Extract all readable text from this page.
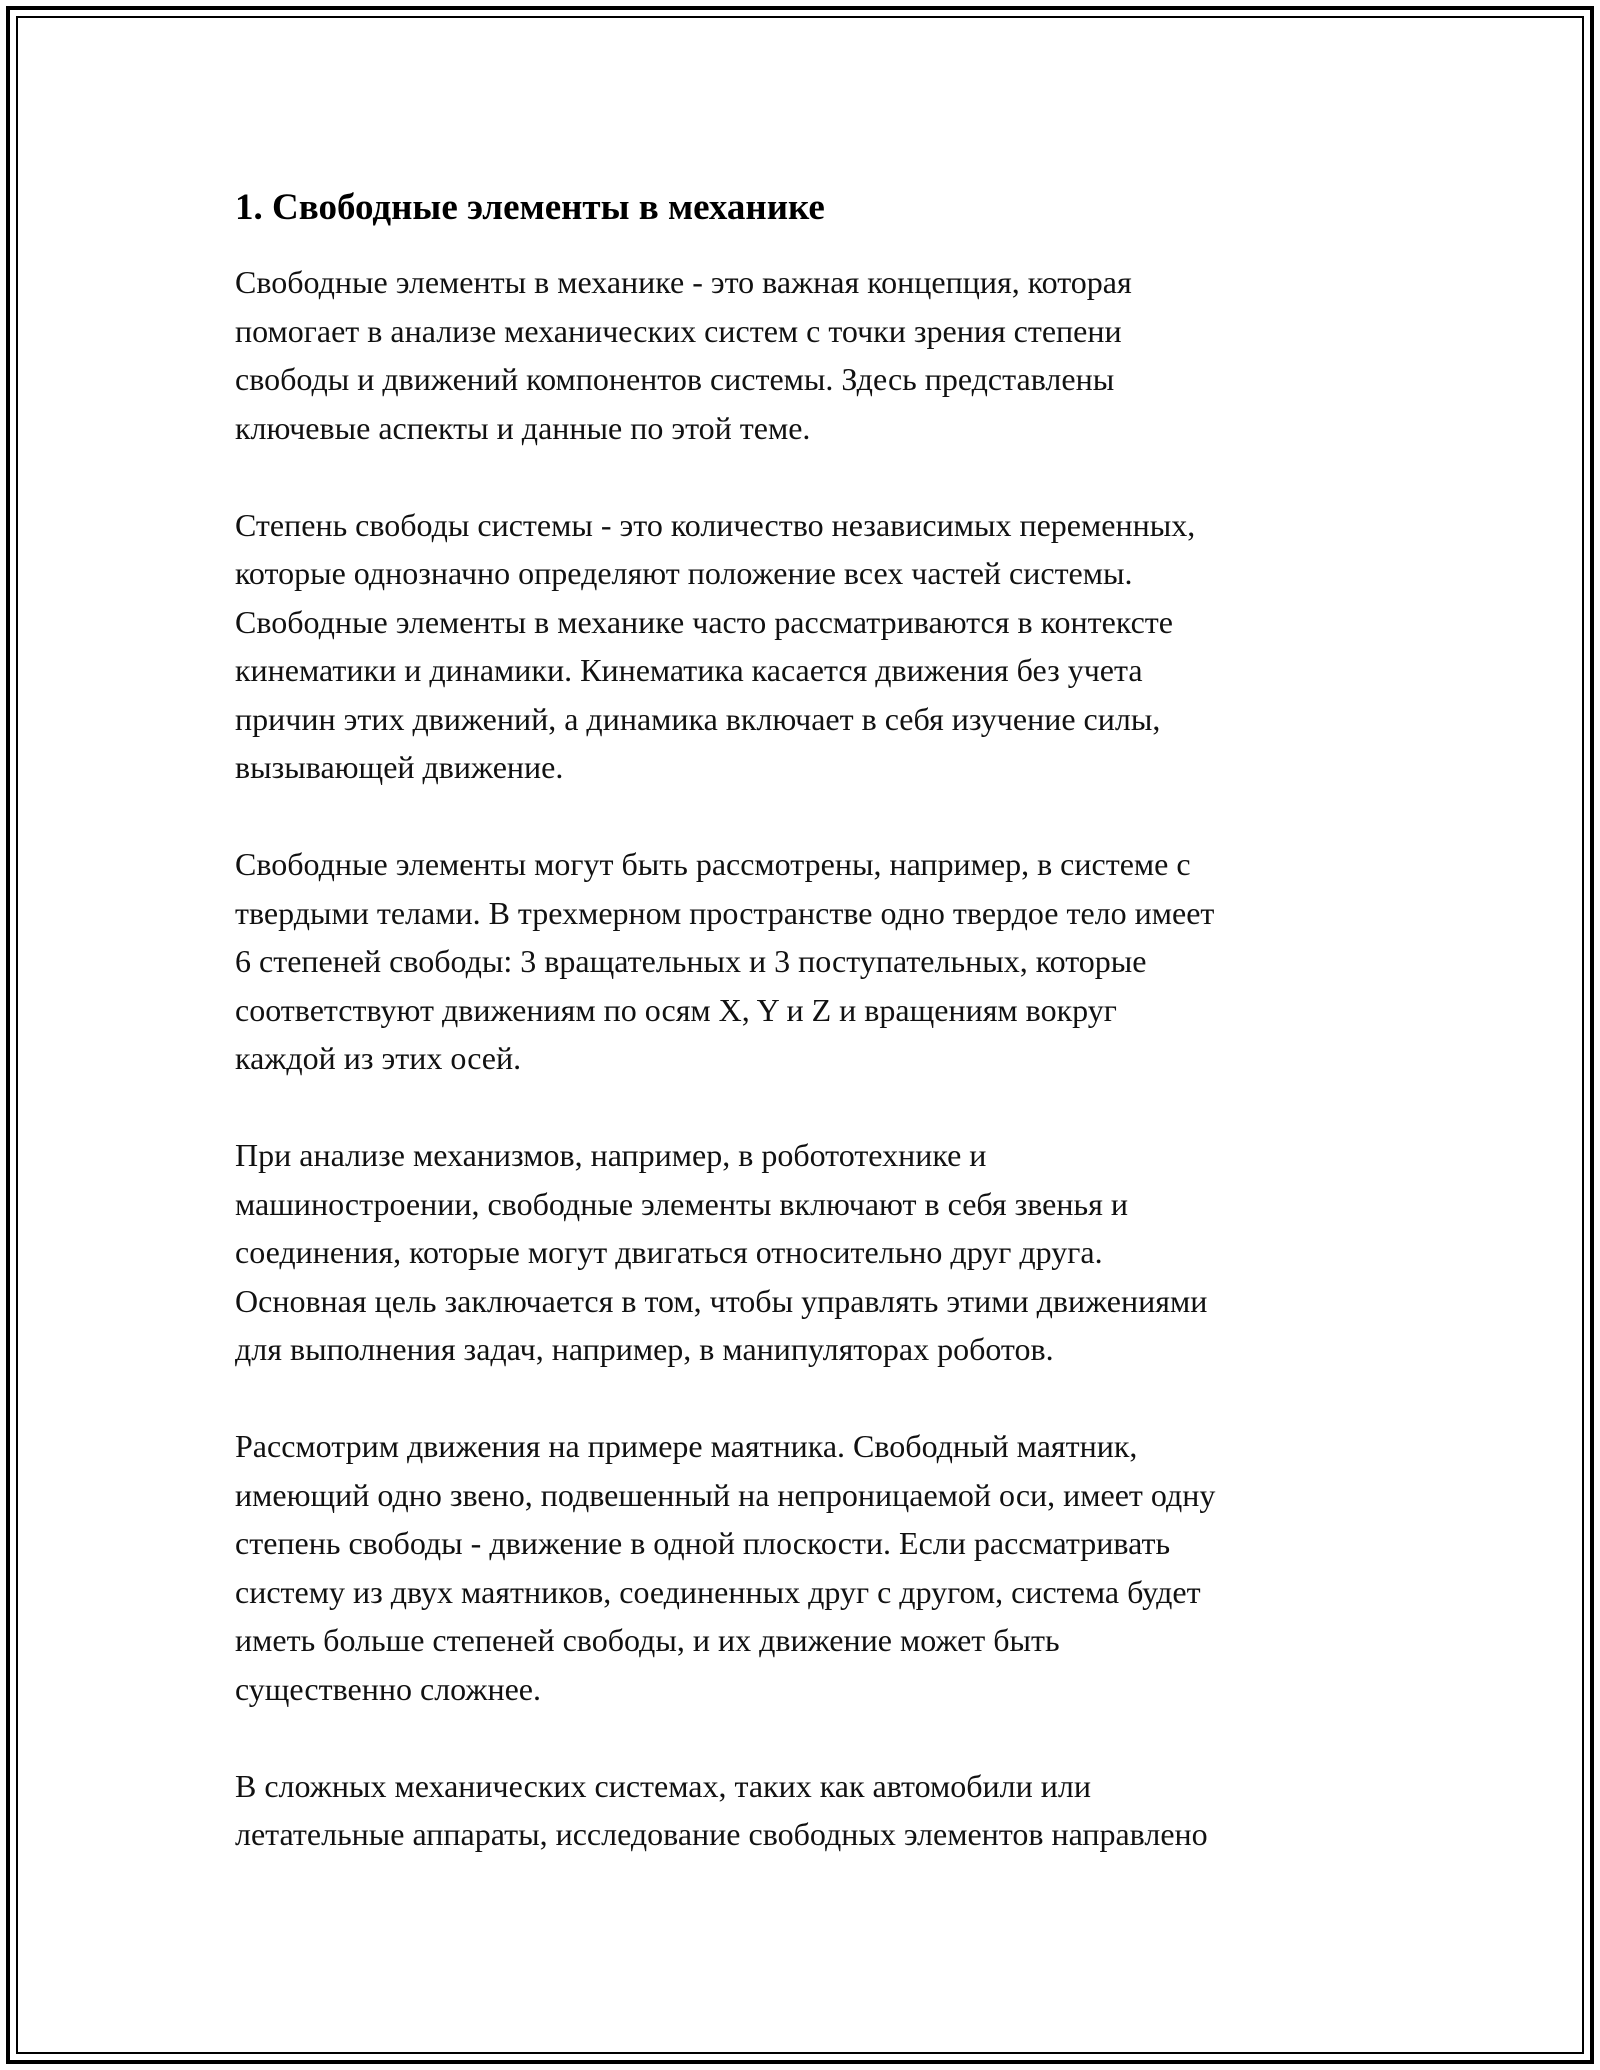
1. Свободные элементы в механике

Свободные элементы в механике - это важная концепция, которая
помогает в анализе механических систем с точки зрения степени
свободы и движений компонентов системы. Здесь представлены
ключевые аспекты и данные по этой теме.

Степень свободы системы - это количество независимых переменных,
которые однозначно определяют положение всех частей системы.
Свободные элементы в механике часто рассматриваются в контексте
кинематики и динамики. Кинематика касается движения без учета
причин этих движений, а динамика включает в себя изучение силы,
вызывающей движение.

Свободные элементы могут быть рассмотрены, например, в системе с
твердыми телами. В трехмерном пространстве одно твердое тело имеет
6 степеней свободы: 3 вращательных и 3 поступательных, которые
соответствуют движениям по осям X, Y и Z и вращениям вокруг
каждой из этих осей.

При анализе механизмов, например, в робототехнике и
машиностроении, свободные элементы включают в себя звенья и
соединения, которые могут двигаться относительно друг друга.
Основная цель заключается в том, чтобы управлять этими движениями
для выполнения задач, например, в манипуляторах роботов.

Рассмотрим движения на примере маятника. Свободный маятник,
имеющий одно звено, подвешенный на непроницаемой оси, имеет одну
степень свободы - движение в одной плоскости. Если рассматривать
систему из двух маятников, соединенных друг с другом, система будет
иметь больше степеней свободы, и их движение может быть
существенно сложнее.

В сложных механических системах, таких как автомобили или
летательные аппараты, исследование свободных элементов направлено
